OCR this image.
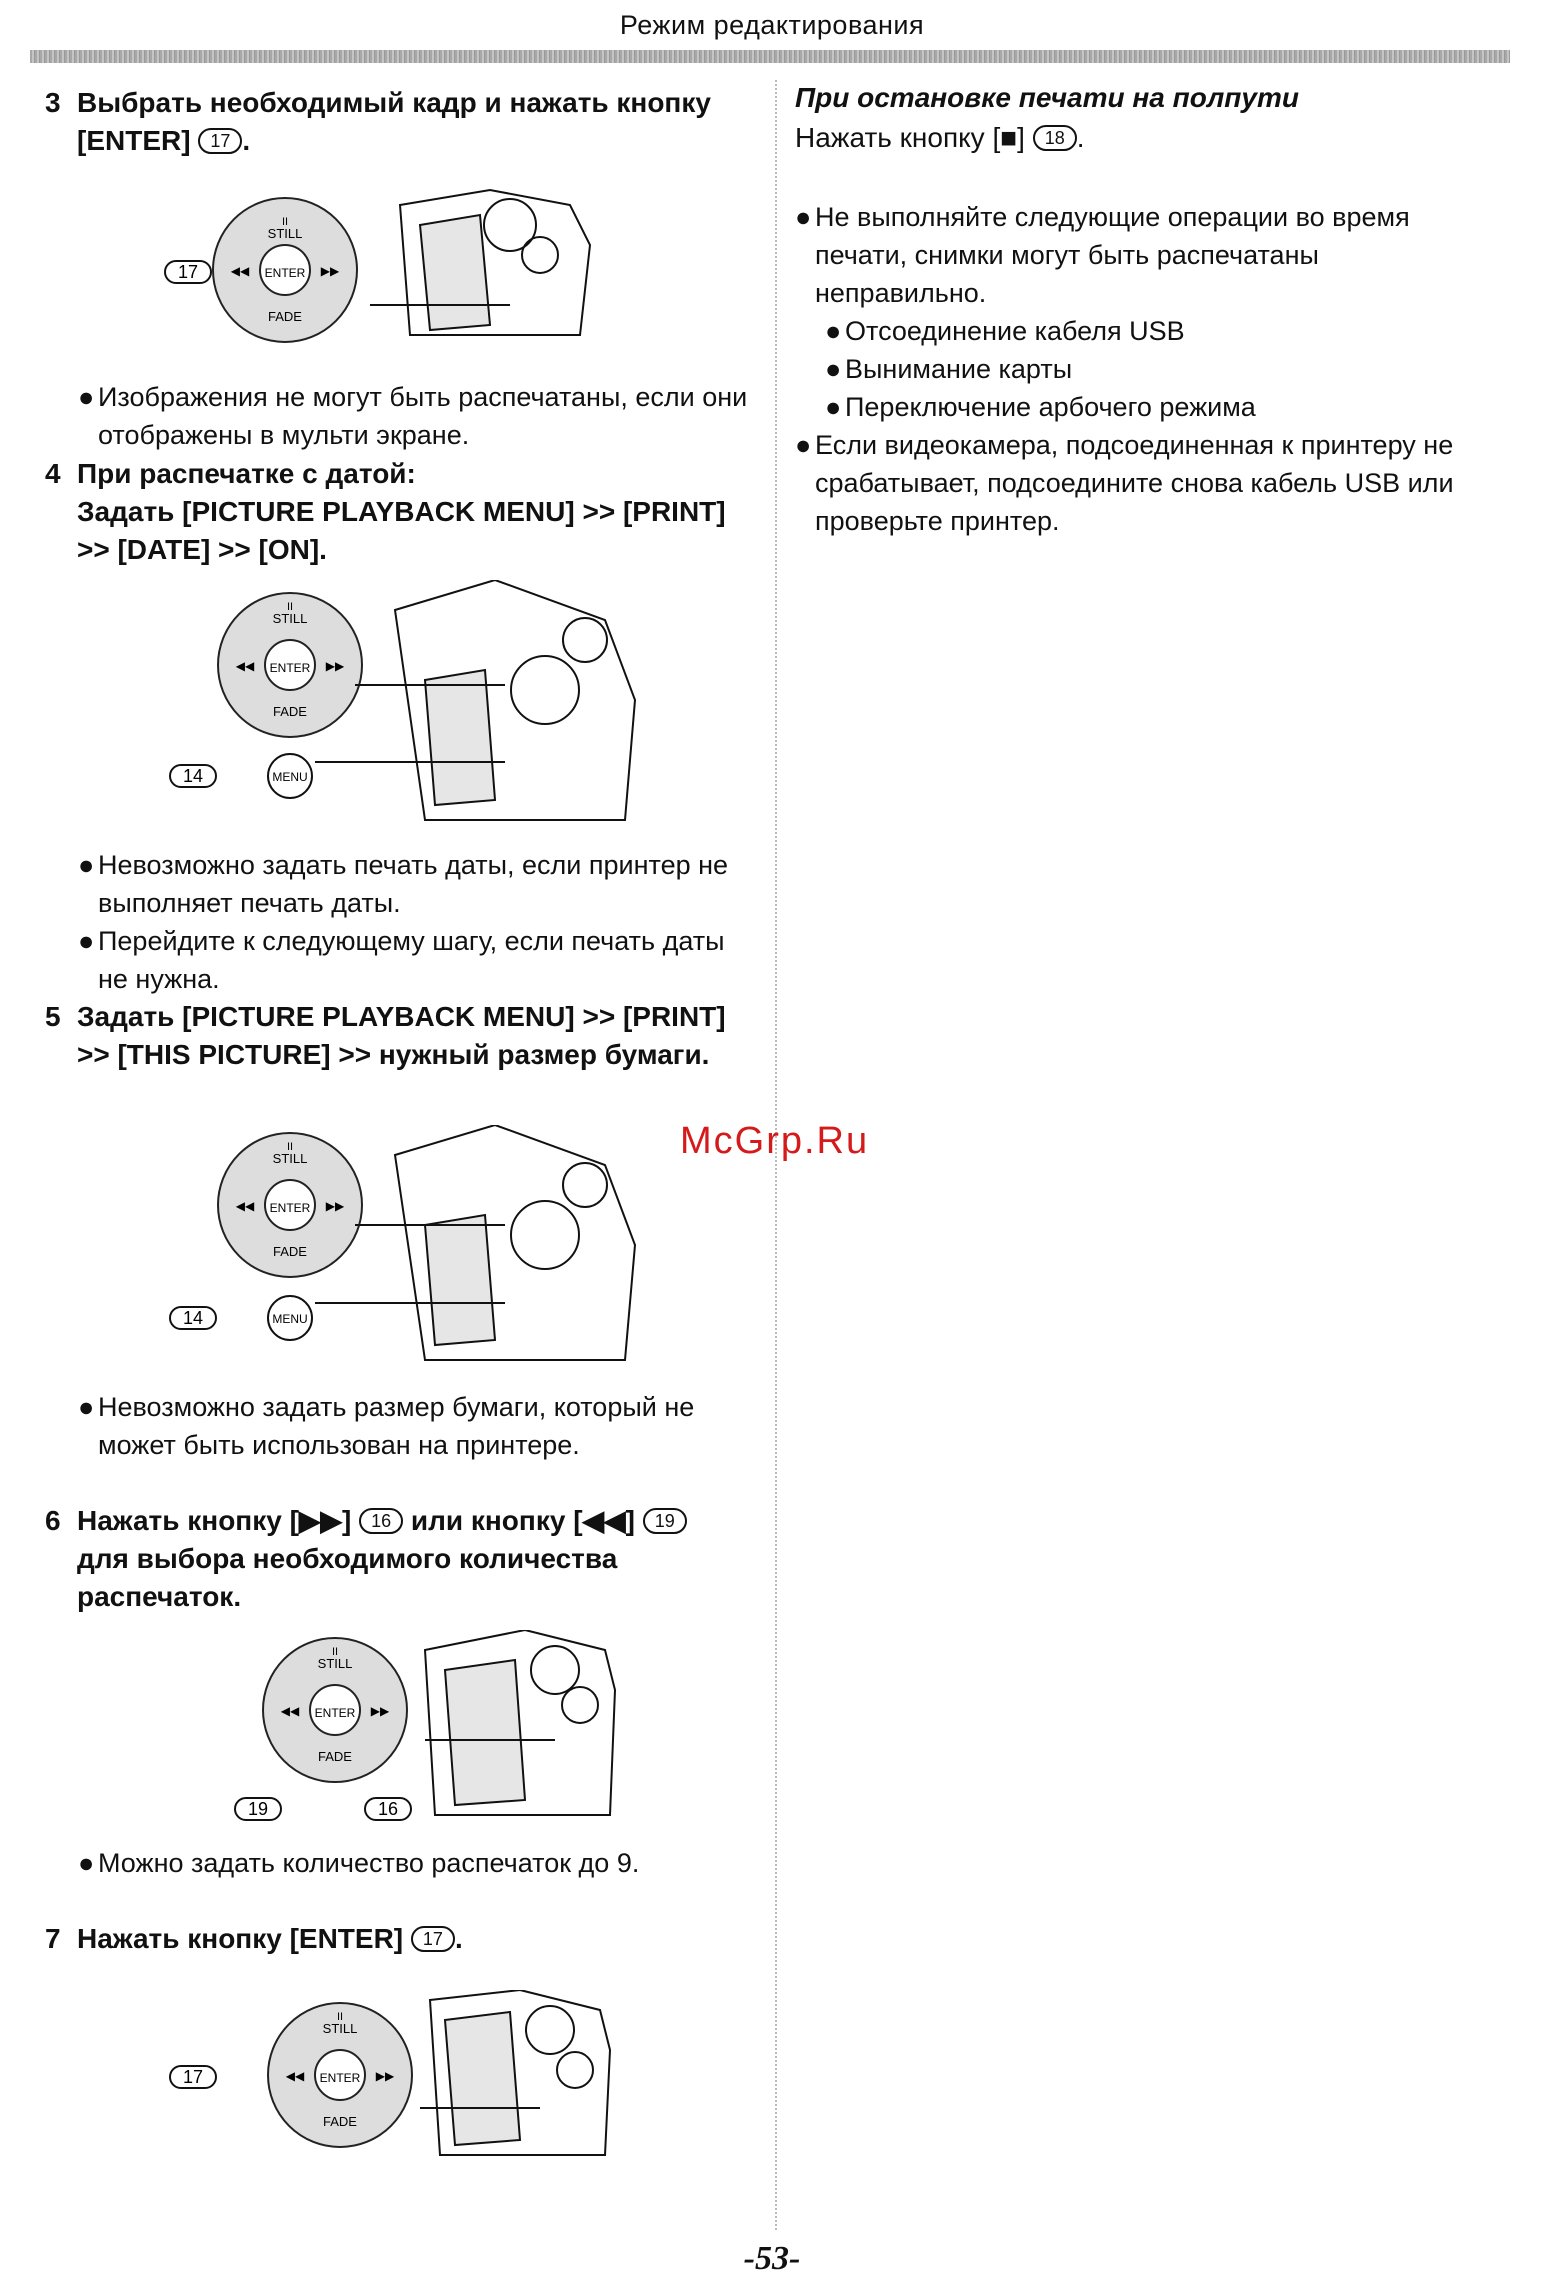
Режим редактирования
3 Выбрать необходимый кадр и нажать кнопку [ENTER] 17 .
II
STILL
ENTER
FADE
◀◀	▶▶
17
● Изображения не могут быть распечатаны, если они отображены в мульти экране.
4 При распечатке с датой:
Задать [PICTURE PLAYBACK MENU] >> [PRINT] >> [DATE] >> [ON].
II
STILL
ENTER
FADE
◀◀	▶▶
14	MENU
● Невозможно задать печать даты, если принтер не выполняет печать даты.
● Перейдите к следующему шагу, если печать даты не нужна.
5 Задать [PICTURE PLAYBACK MENU] >> [PRINT] >> [THIS PICTURE] >> нужный размер бумаги.
II
STILL
ENTER
FADE
◀◀	▶▶
14	MENU
● Невозможно задать размер бумаги, который не может быть использован на принтере.
6 Нажать кнопку [▶▶] 16 или кнопку [◀◀] 19 для выбора необходимого количества распечаток.
II
STILL
ENTER
FADE
◀◀	▶▶
19	16
● Можно задать количество распечаток до 9.
7 Нажать кнопку [ENTER] 17 .
II
STILL
ENTER
FADE
◀◀	▶▶
17
При остановке печати на полпути
Нажать кнопку [■] 18 .
● Не выполняйте следующие операции во время печати, снимки могут быть распечатаны неправильно.
● Отсоединение кабеля USB
● Вынимание карты
● Переключение арбочего режима
● Если видеокамера, подсоединенная к принтеру не срабатывает, подсоедините снова кабель USB или проверьте принтер.
McGrp.Ru
-53-
